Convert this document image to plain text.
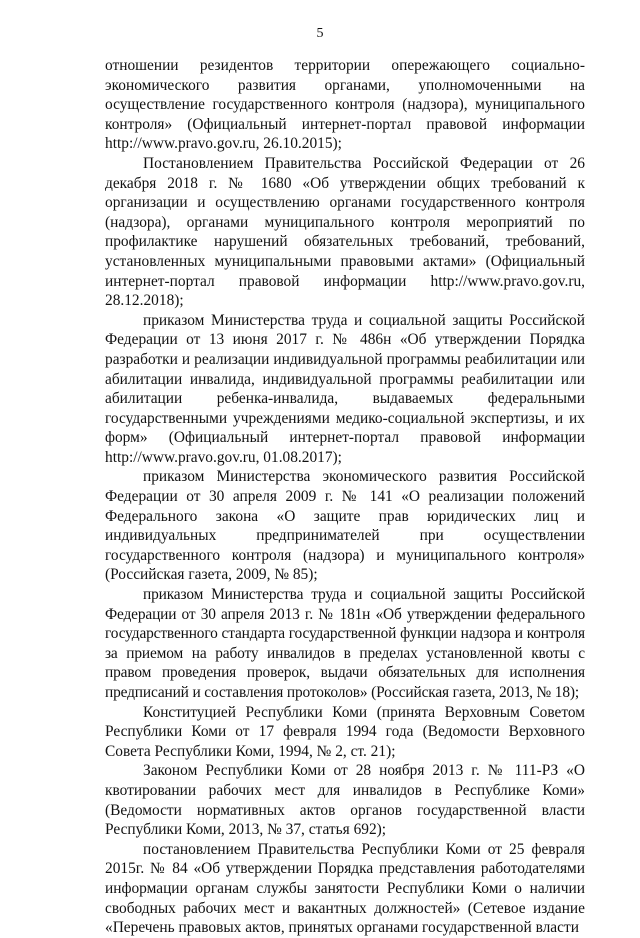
5

отношении резидентов территории опережающего социально-экономического развития органами, уполномоченными на осуществление государственного контроля (надзора), муниципального контроля» (Официальный интернет-портал правовой информации http://www.pravo.gov.ru, 26.10.2015);

Постановлением Правительства Российской Федерации от 26 декабря 2018 г. № 1680 «Об утверждении общих требований к организации и осуществлению органами государственного контроля (надзора), органами муниципального контроля мероприятий по профилактике нарушений обязательных требований, требований, установленных муниципальными правовыми актами» (Официальный интернет-портал правовой информации http://www.pravo.gov.ru, 28.12.2018);

приказом Министерства труда и социальной защиты Российской Федерации от 13 июня 2017 г. № 486н «Об утверждении Порядка разработки и реализации индивидуальной программы реабилитации или абилитации инвалида, индивидуальной программы реабилитации или абилитации ребенка-инвалида, выдаваемых федеральными государственными учреждениями медико-социальной экспертизы, и их форм» (Официальный интернет-портал правовой информации http://www.pravo.gov.ru, 01.08.2017);

приказом Министерства экономического развития Российской Федерации от 30 апреля 2009 г. № 141 «О реализации положений Федерального закона «О защите прав юридических лиц и индивидуальных предпринимателей при осуществлении государственного контроля (надзора) и муниципального контроля» (Российская газета, 2009, № 85);

приказом Министерства труда и социальной защиты Российской Федерации от 30 апреля 2013 г. № 181н «Об утверждении федерального государственного стандарта государственной функции надзора и контроля за приемом на работу инвалидов в пределах установленной квоты с правом проведения проверок, выдачи обязательных для исполнения предписаний и составления протоколов» (Российская газета, 2013, № 18);

Конституцией Республики Коми (принята Верховным Советом Республики Коми от 17 февраля 1994 года (Ведомости Верховного Совета Республики Коми, 1994, № 2, ст. 21);

Законом Республики Коми от 28 ноября 2013 г. № 111-РЗ «О квотировании рабочих мест для инвалидов в Республике Коми» (Ведомости нормативных актов органов государственной власти Республики Коми, 2013, № 37, статья 692);

постановлением Правительства Республики Коми от 25 февраля 2015г. № 84 «Об утверждении Порядка представления работодателями информации органам службы занятости Республики Коми о наличии свободных рабочих мест и вакантных должностей» (Сетевое издание «Перечень правовых актов, принятых органами государственной власти
